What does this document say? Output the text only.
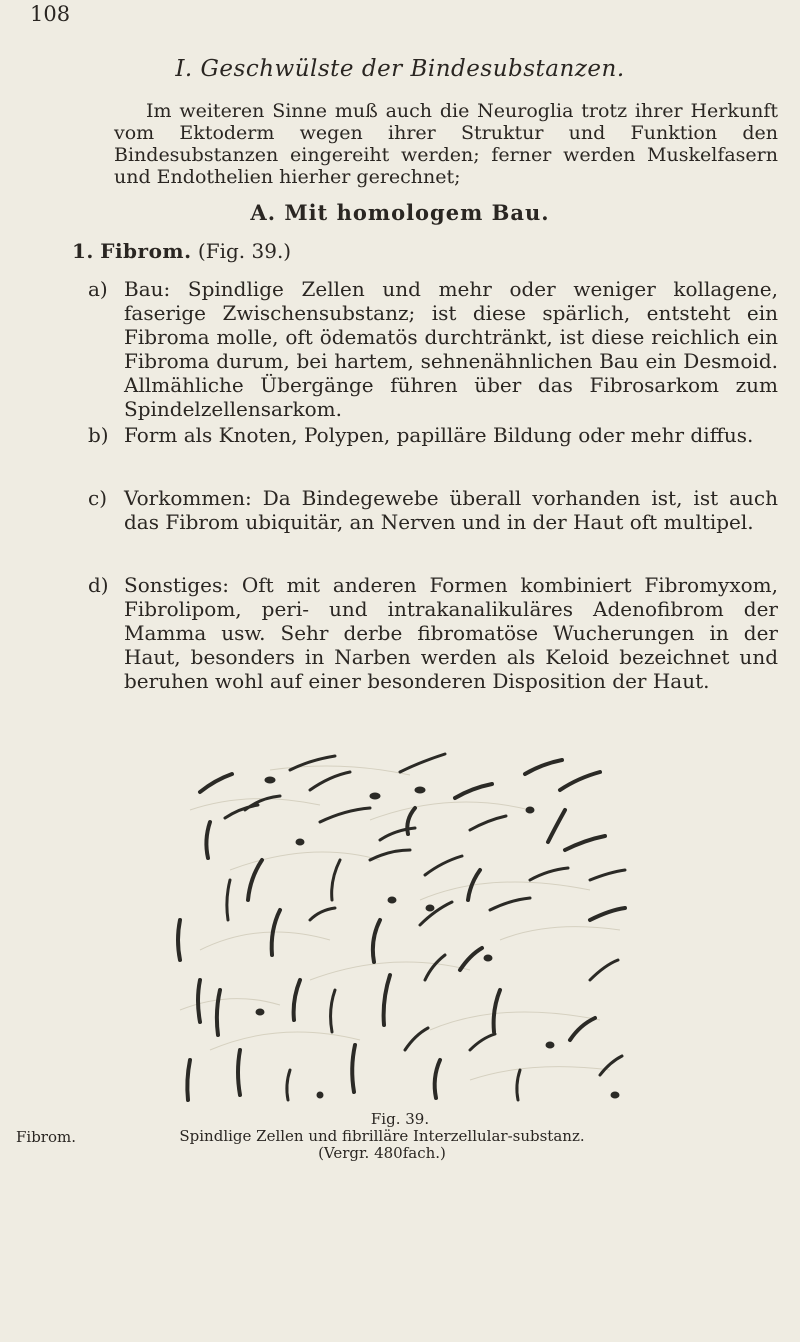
108
I. Geschwülste der Bindesubstanzen.
Im weiteren Sinne muß auch die Neuroglia trotz ihrer Herkunft vom Ektoderm wegen ihrer Struktur und Funktion den Bindesubstanzen eingereiht werden; ferner werden Muskelfasern und Endothelien hierher gerechnet;
A. Mit homologem Bau.
1. Fibrom. (Fig. 39.)
a) Bau: Spindlige Zellen und mehr oder weniger kollagene, faserige Zwischensubstanz; ist diese spärlich, entsteht ein Fibroma molle, oft ödematös durchtränkt, ist diese reichlich ein Fibroma durum, bei hartem, sehnenähnlichen Bau ein Desmoid. Allmähliche Übergänge führen über das Fibrosarkom zum Spindelzellensarkom.
b) Form als Knoten, Polypen, papilläre Bildung oder mehr diffus.
c) Vorkommen: Da Bindegewebe überall vorhanden ist, ist auch das Fibrom ubiquitär, an Nerven und in der Haut oft multipel.
d) Sonstiges: Oft mit anderen Formen kombiniert Fibromyxom, Fibrolipom, peri- und intrakanalikuläres Adenofibrom der Mamma usw. Sehr derbe fibromatöse Wucherungen in der Haut, besonders in Narben werden als Keloid bezeichnet und beruhen wohl auf einer besonderen Disposition der Haut.
Fig. 39.
Fibrom.	Spindlige Zellen und fibrilläre Interzellular-substanz. (Vergr. 480fach.)
